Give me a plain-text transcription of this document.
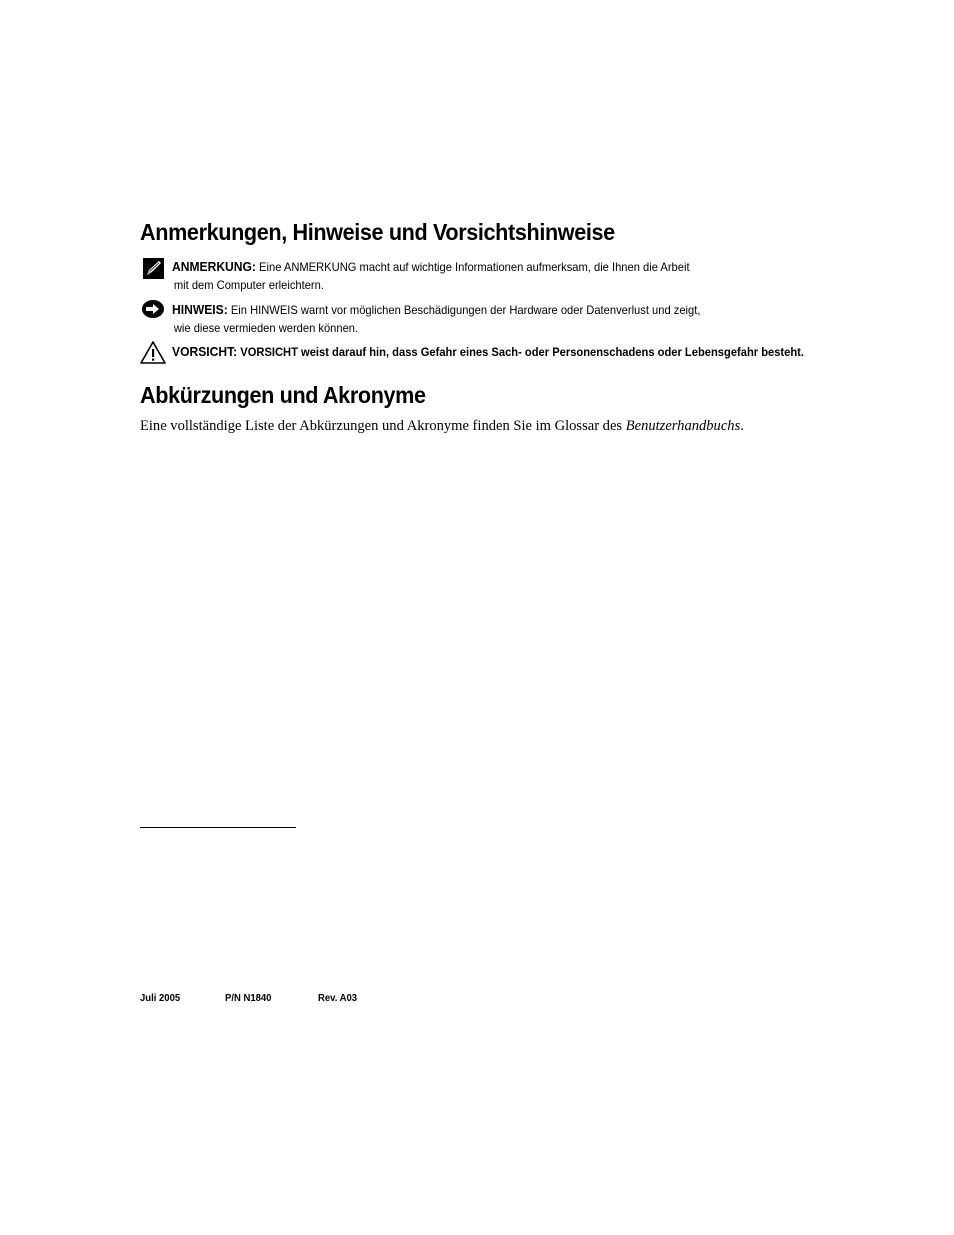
Anmerkungen, Hinweise und Vorsichtshinweise
ANMERKUNG: Eine ANMERKUNG macht auf wichtige Informationen aufmerksam, die Ihnen die Arbeit
mit dem Computer erleichtern.
HINWEIS: Ein HINWEIS warnt vor möglichen Beschädigungen der Hardware oder Datenverlust und zeigt,
wie diese vermieden werden können.
VORSICHT: VORSICHT weist darauf hin, dass Gefahr eines Sach- oder Personenschadens oder Lebensgefahr besteht.
Abkürzungen und Akronyme

Eine vollständige Liste der Abkürzungen und Akronyme finden Sie im Glossar des Benutzerhandbuchs.

Juli 2005	P/N N1840	Rev. A03
